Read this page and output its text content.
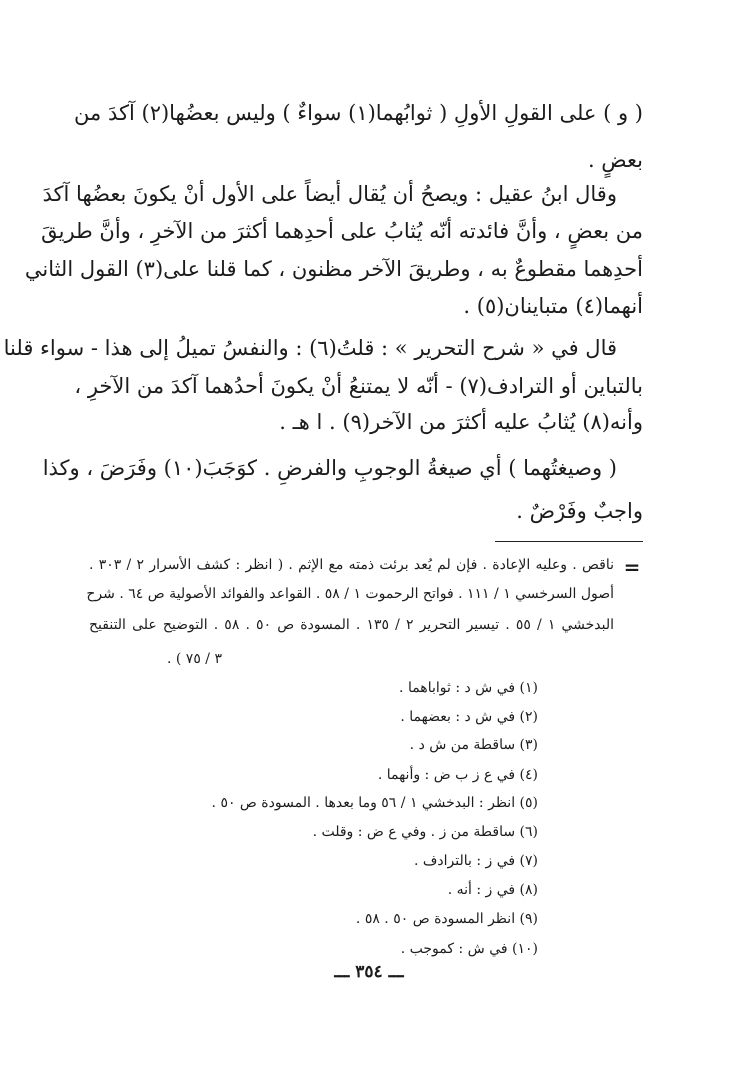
( و ) على القولِ الأولِ ( ثوابُهما(١) سواءٌ ) وليس بعضُها(٢) آكدَ من
بعضٍ .
وقال ابنُ عقيل : ويصحُ أن يُقال أيضاً على الأول أنْ يكونَ بعضُها آكدَ
من بعضٍ ، وأنَّ فائدته أنّه يُثابُ على أحدِهما أكثرَ من الآخرِ ، وأنَّ طريقَ
أحدِهما مقطوعٌ به ، وطريقَ الآخر مظنون ، كما قلنا على(٣) القول الثاني
أنهما(٤) متباينان(٥) .
قال في « شرح التحرير » : قلتُ(٦) : والنفسُ تميلُ إلى هذا - سواء قلنا
بالتباين أو الترادف(٧) - أنّه لا يمتنعُ أنْ يكونَ أحدُهما آكدَ من الآخرِ ،
وأنه(٨) يُثابُ عليه أكثرَ من الآخر(٩) . ا هـ .
( وصيغتُهما ) أي صيغةُ الوجوبِ والفرضِ . كوَجَبَ(١٠) وفَرَضَ ، وكذا
واجبٌ وفَرْضٌ .
=
ناقص . وعليه الإعادة . فإن لم يُعد برئت ذمته مع الإثم . ( انظر : كشف الأسرار ٢ / ٣٠٣ .
أصول السرخسي ١ / ١١١ . فواتح الرحموت ١ / ٥٨ . القواعد والفوائد الأصولية ص ٦٤ . شرح
البدخشي ١ / ٥٥ . تيسير التحرير ٢ / ١٣٥ . المسودة ص ٥٠ . ٥٨ . التوضيح على التنقيح
٣ / ٧٥ ) .
(١) في ش د : ثواباهما .
(٢) في ش د : بعضهما .
(٣) ساقطة من ش د .
(٤) في ع ز ب ض : وأنهما .
(٥) انظر : البدخشي ١ / ٥٦ وما بعدها . المسودة ص ٥٠ .
(٦) ساقطة من ز . وفي ع ض : وقلت .
(٧) في ز : بالترادف .
(٨) في ز : أنه .
(٩) انظر المسودة ص ٥٠ . ٥٨ .
(١٠) في ش : كموجب .
ـــ ٣٥٤ ـــ
